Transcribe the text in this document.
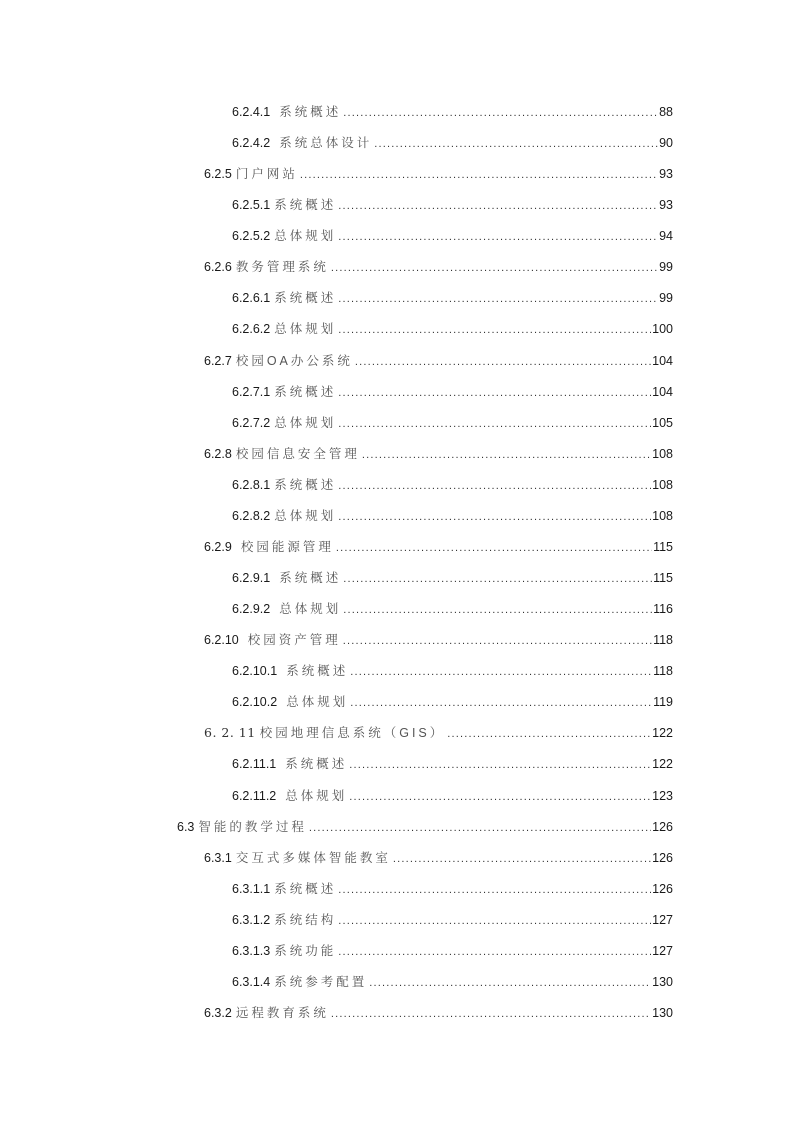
6.2.4.1 系统概述 .....	88
6.2.4.2 系统总体设计 .....	90
6.2.5 门户网站 .....	93
6.2.5.1 系统概述 .....	93
6.2.5.2 总体规划 .....	94
6.2.6 教务管理系统 .....	99
6.2.6.1 系统概述 .....	99
6.2.6.2 总体规划 .....	100
6.2.7 校园OA办公系统 .....	104
6.2.7.1 系统概述 .....	104
6.2.7.2 总体规划 .....	105
6.2.8 校园信息安全管理 .....	108
6.2.8.1 系统概述 .....	108
6.2.8.2 总体规划 .....	108
6.2.9 校园能源管理 .....	115
6.2.9.1 系统概述 .....	115
6.2.9.2 总体规划 .....	116
6.2.10 校园资产管理 .....	118
6.2.10.1 系统概述 .....	118
6.2.10.2 总体规划 .....	119
6. 2. 11 校园地理信息系统（GIS） .....	122
6.2.11.1 系统概述 .....	122
6.2.11.2 总体规划 .....	123
6.3 智能的教学过程 .....	126
6.3.1 交互式多媒体智能教室 .....	126
6.3.1.1 系统概述 .....	126
6.3.1.2 系统结构 .....	127
6.3.1.3 系统功能 .....	127
6.3.1.4 系统参考配置 .....	130
6.3.2 远程教育系统 .....	130
